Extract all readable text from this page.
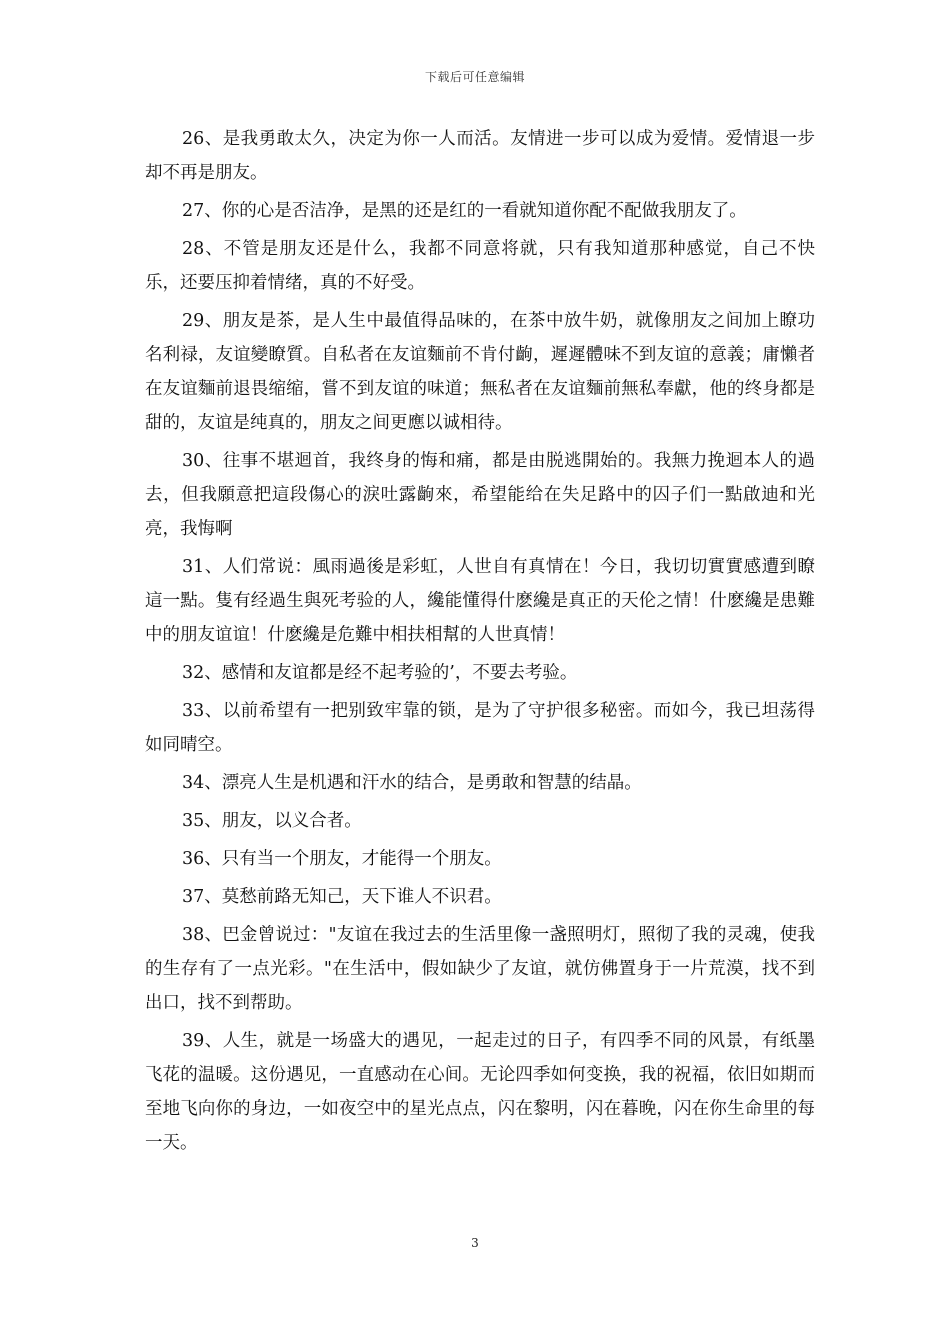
下载后可任意编辑

26、是我勇敢太久，决定为你一人而活。友情进一步可以成为爱情。爱情退一步却不再是朋友。

27、你的心是否洁净，是黑的还是红的一看就知道你配不配做我朋友了。

28、不管是朋友还是什么，我都不同意将就，只有我知道那种感觉，自己不快乐，还要压抑着情绪，真的不好受。

29、朋友是茶，是人生中最值得品味的，在茶中放牛奶，就像朋友之间加上瞭功名利禄，友谊變瞭質。自私者在友谊麵前不肯付齣，遲遲體味不到友谊的意義；庸懶者在友谊麵前退畏缩缩，嘗不到友谊的味道；無私者在友谊麵前無私奉獻，他的终身都是甜的，友谊是纯真的，朋友之间更應以诚相待。

30、往事不堪迴首，我终身的悔和痛，都是由脱逃開始的。我無力挽迴本人的過去，但我願意把這段傷心的淚吐露齣來，希望能给在失足路中的囚子们一點啟迪和光亮，我悔啊

31、人们常说：風雨過後是彩虹，人世自有真情在！今日，我切切實實感遭到瞭這一點。隻有经過生與死考验的人，纔能懂得什麽纔是真正的天伦之情！什麽纔是患難中的朋友谊谊！什麽纔是危難中相扶相幫的人世真情！

32、感情和友谊都是经不起考验的’，不要去考验。

33、以前希望有一把别致牢靠的锁，是为了守护很多秘密。而如今，我已坦荡得如同晴空。

34、漂亮人生是机遇和汗水的结合，是勇敢和智慧的结晶。

35、朋友，以义合者。

36、只有当一个朋友，才能得一个朋友。

37、莫愁前路无知己，天下谁人不识君。

38、巴金曾说过："友谊在我过去的生活里像一盏照明灯，照彻了我的灵魂，使我的生存有了一点光彩。"在生活中，假如缺少了友谊，就仿佛置身于一片荒漠，找不到出口，找不到帮助。

39、人生，就是一场盛大的遇见，一起走过的日子，有四季不同的风景，有纸墨飞花的温暖。这份遇见，一直感动在心间。无论四季如何变换，我的祝福，依旧如期而至地飞向你的身边，一如夜空中的星光点点，闪在黎明，闪在暮晚，闪在你生命里的每一天。

3
